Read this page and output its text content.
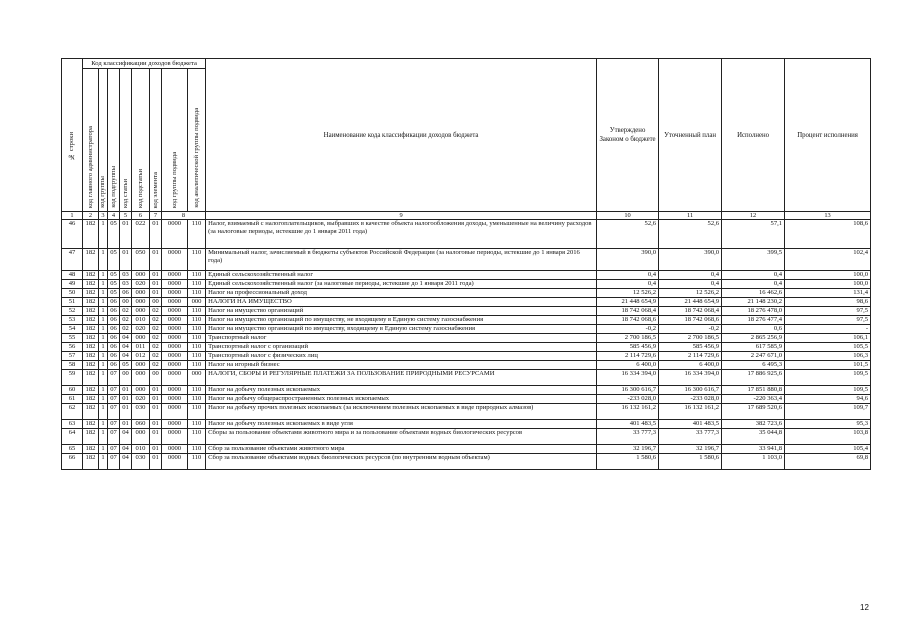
№ строки	Код классификации доходов бюджета								Наименование кода классификации доходов бюджета	Утверждено Законом о бюджете	Уточненный план	Исполнено	Процент исполнения

	код главного администратора	код группы	код подгруппы	код статьи	код подстатьи	код элемента	код группы подвида	код аналитической группы подвида					

1	2	3	4	5	6	7	8		9	10	11	12	13
46	182	1	05	01	022	01	0000	110	Налог, взимаемый с налогоплательщиков, выбравших в качестве объекта налогообложения доходы, уменьшенные на величину расходов (за налоговые периоды, истекшие до 1 января 2011 года)	52,6	52,6	57,1	108,6
47	182	1	05	01	050	01	0000	110	Минимальный налог, зачисляемый в бюджеты субъектов Российской Федерации (за налоговые периоды, истекшие до 1 января 2016 года)	390,0	390,0	399,5	102,4
48	182	1	05	03	000	01	0000	110	Единый сельскохозяйственный налог	0,4	0,4	0,4	100,0
49	182	1	05	03	020	01	0000	110	Единый сельскохозяйственный налог (за налоговые периоды, истекшие до 1 января 2011 года)	0,4	0,4	0,4	100,0
50	182	1	05	06	000	01	0000	110	Налог на профессиональный доход	12 526,2	12 526,2	16 462,6	131,4
51	182	1	06	00	000	00	0000	000	НАЛОГИ НА ИМУЩЕСТВО	21 448 654,9	21 448 654,9	21 148 230,2	98,6
52	182	1	06	02	000	02	0000	110	Налог на имущество организаций	18 742 068,4	18 742 068,4	18 276 478,0	97,5
53	182	1	06	02	010	02	0000	110	Налог на имущество организаций по имуществу, не входящему в Единую систему газоснабжения	18 742 068,6	18 742 068,6	18 276 477,4	97,5
54	182	1	06	02	020	02	0000	110	Налог на имущество организаций по имуществу, входящему в Единую систему газоснабжения	-0,2	-0,2	0,6	-
55	182	1	06	04	000	02	0000	110	Транспортный налог	2 700 186,5	2 700 186,5	2 865 256,9	106,1
56	182	1	06	04	011	02	0000	110	Транспортный налог с организаций	585 456,9	585 456,9	617 585,9	105,5
57	182	1	06	04	012	02	0000	110	Транспортный налог с физических лиц	2 114 729,6	2 114 729,6	2 247 671,0	106,3
58	182	1	06	05	000	02	0000	110	Налог на игорный бизнес	6 400,0	6 400,0	6 495,3	101,5
59	182	1	07	00	000	00	0000	000	НАЛОГИ, СБОРЫ И РЕГУЛЯРНЫЕ ПЛАТЕЖИ ЗА ПОЛЬЗОВАНИЕ ПРИРОДНЫМИ РЕСУРСАМИ	16 334 394,0	16 334 394,0	17 886 925,6	109,5
60	182	1	07	01	000	01	0000	110	Налог на добычу полезных ископаемых	16 300 616,7	16 300 616,7	17 851 880,8	109,5
61	182	1	07	01	020	01	0000	110	Налог на добычу общераспространенных полезных ископаемых	-233 028,0	-233 028,0	-220 363,4	94,6
62	182	1	07	01	030	01	0000	110	Налог на добычу прочих полезных ископаемых (за исключением полезных ископаемых в виде природных алмазов)	16 132 161,2	16 132 161,2	17 689 520,6	109,7
63	182	1	07	01	060	01	0000	110	Налог на добычу полезных ископаемых в виде угля	401 483,5	401 483,5	382 723,6	95,3
64	182	1	07	04	000	01	0000	110	Сборы за пользование объектами животного мира и за пользование объектами водных биологических ресурсов	33 777,3	33 777,3	35 044,8	103,8
65	182	1	07	04	010	01	0000	110	Сбор за пользование объектами животного мира	32 196,7	32 196,7	33 941,8	105,4
66	182	1	07	04	030	01	0000	110	Сбор за пользование объектами водных биологических ресурсов (по внутренним водным объектам)	1 580,6	1 580,6	1 103,0	69,8
12
